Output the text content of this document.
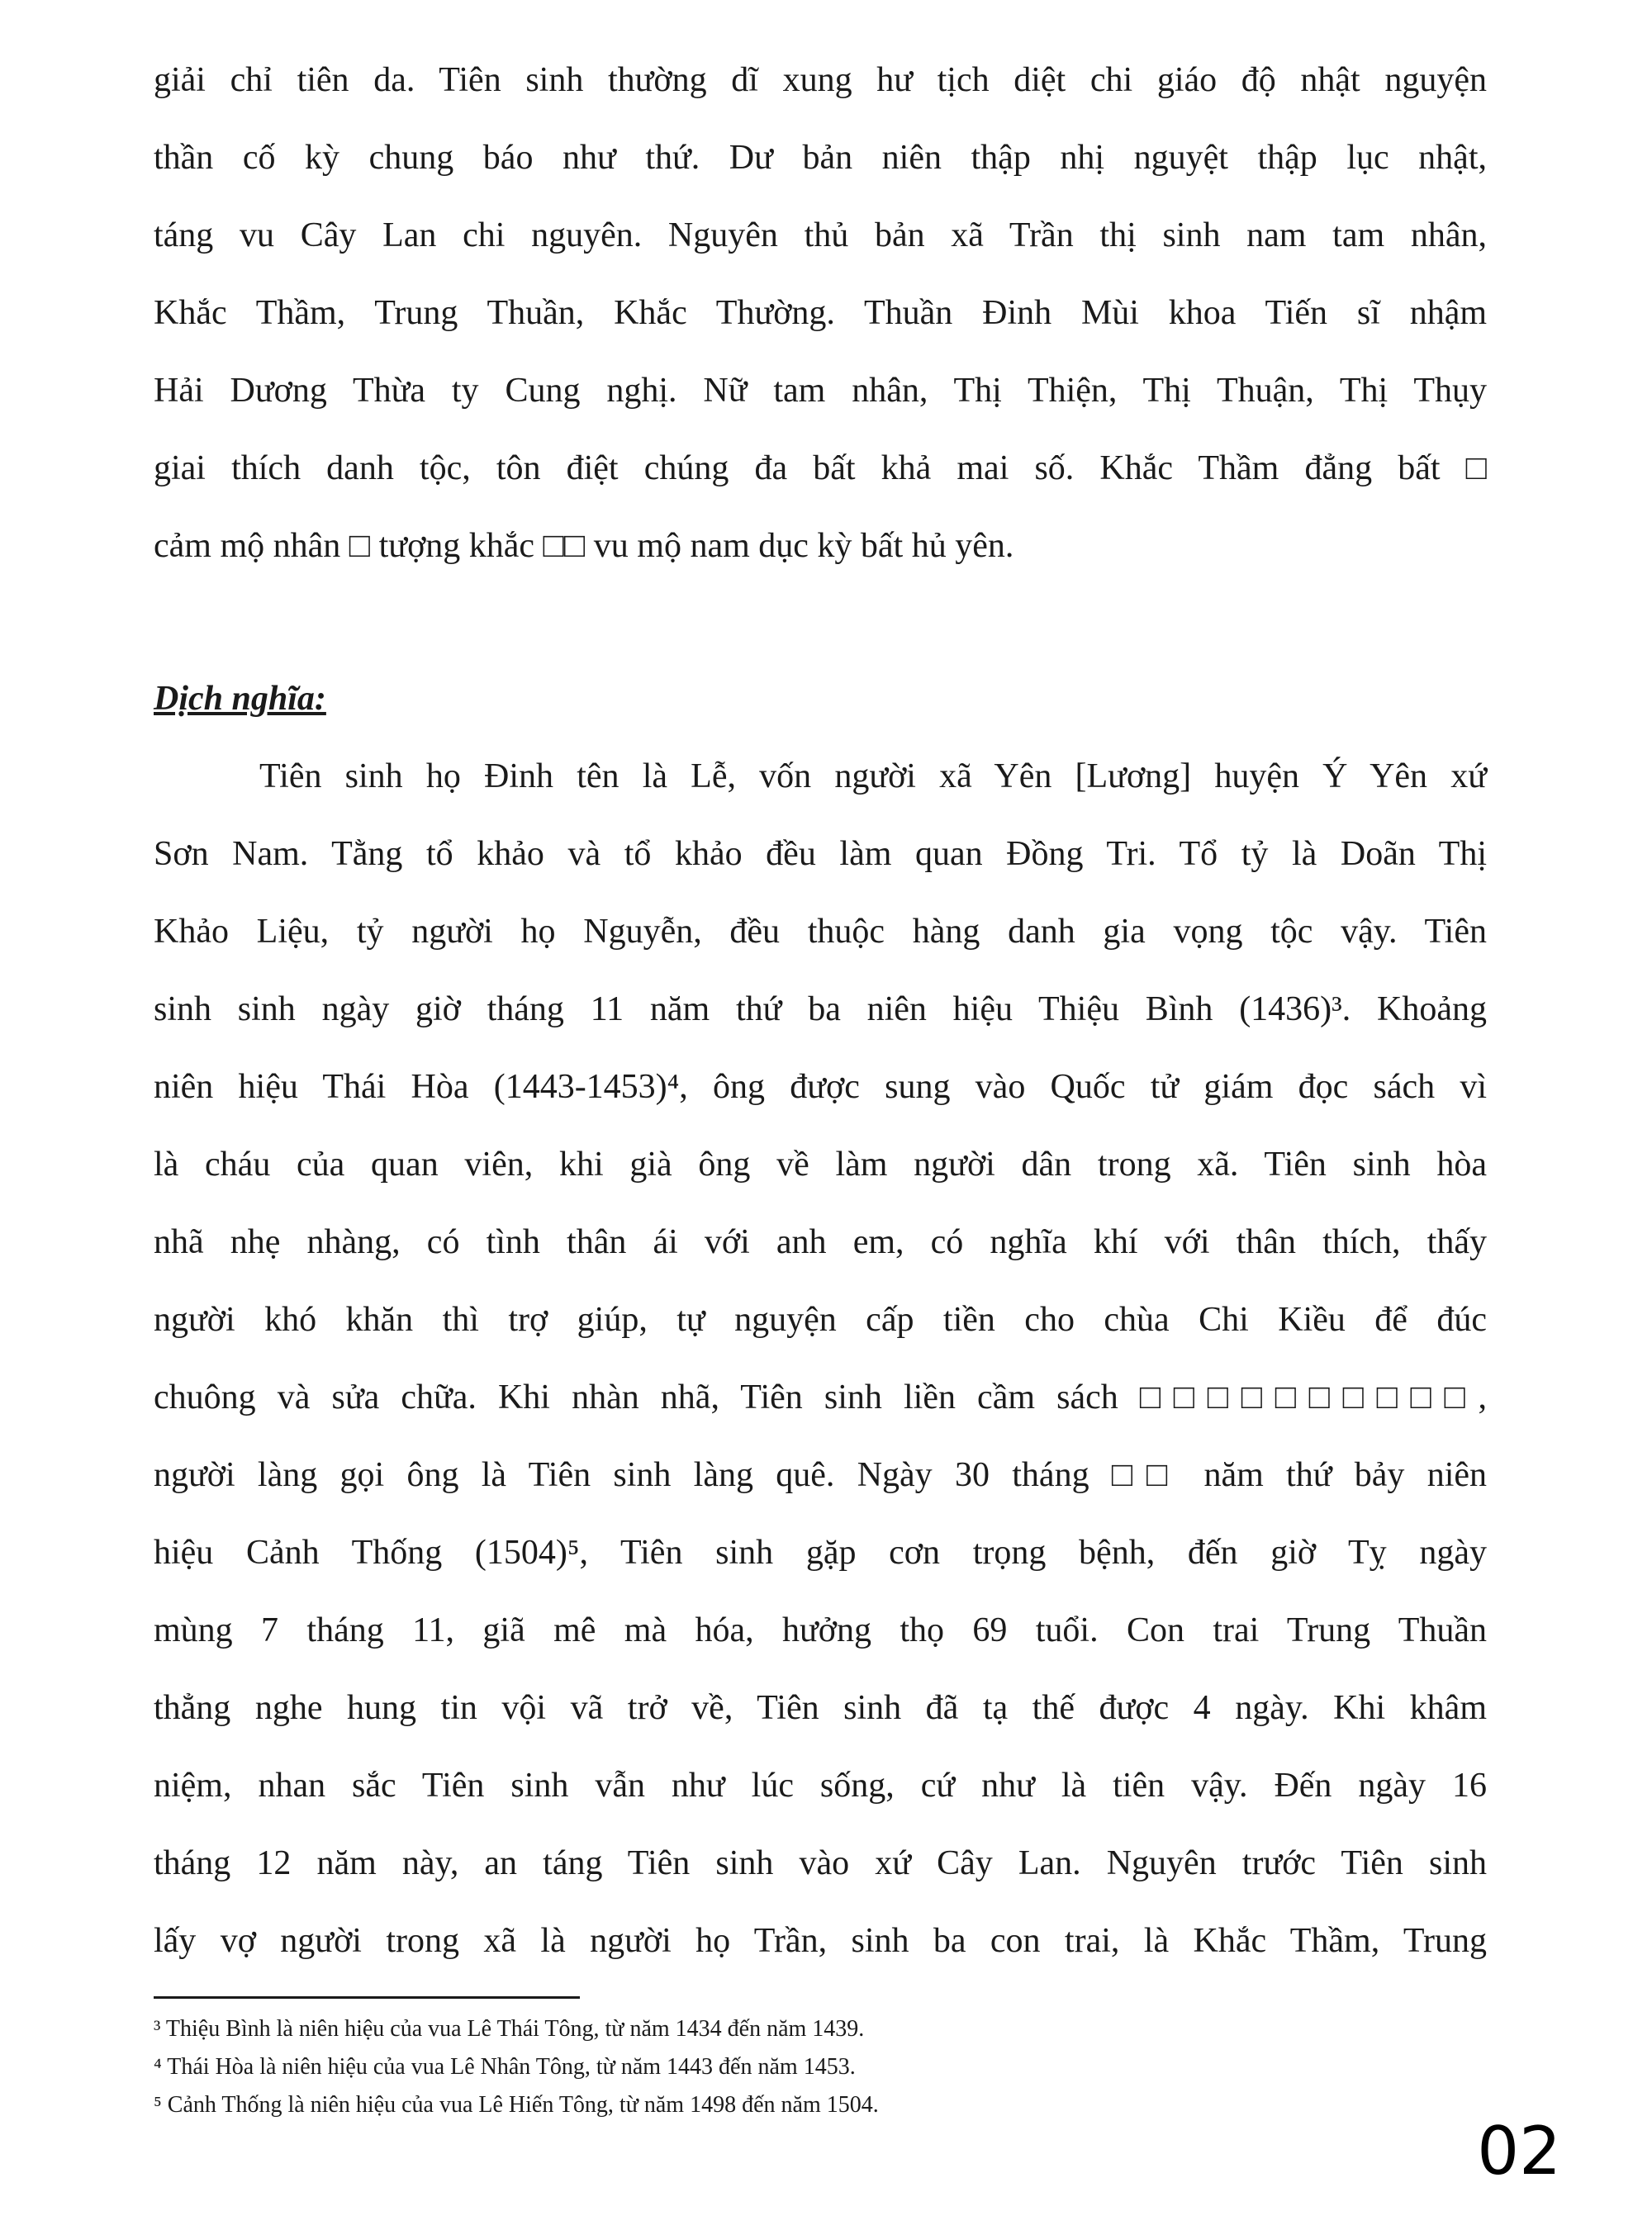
giải chỉ tiên da. Tiên sinh thường dĩ xung hư tịch diệt chi giáo độ nhật nguyện
thần cố kỳ chung báo như thứ. Dư bản niên thập nhị nguyệt thập lục nhật,
táng vu Cây Lan chi nguyên. Nguyên thủ bản xã Trần thị sinh nam tam nhân,
Khắc Thầm, Trung Thuần, Khắc Thường. Thuần Đinh Mùi khoa Tiến sĩ nhậm
Hải Dương Thừa ty Cung nghị. Nữ tam nhân, Thị Thiện, Thị Thuận, Thị Thụy
giai thích danh tộc, tôn điệt chúng đa bất khả mai số. Khắc Thầm đẳng bất □
cảm mộ nhân □ tượng khắc □□ vu mộ nam dục kỳ bất hủ yên.
Dịch nghĩa:
Tiên sinh họ Đinh tên là Lễ, vốn người xã Yên [Lương] huyện Ý Yên xứ
Sơn Nam. Tằng tổ khảo và tổ khảo đều làm quan Đồng Tri. Tổ tỷ là Doãn Thị
Khảo Liệu, tỷ người họ Nguyễn, đều thuộc hàng danh gia vọng tộc vậy. Tiên
sinh sinh ngày giờ tháng 11 năm thứ ba niên hiệu Thiệu Bình (1436)³. Khoảng
niên hiệu Thái Hòa (1443-1453)⁴, ông được sung vào Quốc tử giám đọc sách vì
là cháu của quan viên, khi già ông về làm người dân trong xã. Tiên sinh hòa
nhã nhẹ nhàng, có tình thân ái với anh em, có nghĩa khí với thân thích, thấy
người khó khăn thì trợ giúp, tự nguyện cấp tiền cho chùa Chi Kiều để đúc
chuông và sửa chữa. Khi nhàn nhã, Tiên sinh liền cầm sách □□□□□□□□□□,
người làng gọi ông là Tiên sinh làng quê. Ngày 30 tháng □□ năm thứ bảy niên
hiệu Cảnh Thống (1504)⁵, Tiên sinh gặp cơn trọng bệnh, đến giờ Tỵ ngày
mùng 7 tháng 11, giã mê mà hóa, hưởng thọ 69 tuổi. Con trai Trung Thuần
thẳng nghe hung tin vội vã trở về, Tiên sinh đã tạ thế được 4 ngày. Khi khâm
niệm, nhan sắc Tiên sinh vẫn như lúc sống, cứ như là tiên vậy. Đến ngày 16
tháng 12 năm này, an táng Tiên sinh vào xứ Cây Lan. Nguyên trước Tiên sinh
lấy vợ người trong xã là người họ Trần, sinh ba con trai, là Khắc Thầm, Trung
³ Thiệu Bình là niên hiệu của vua Lê Thái Tông, từ năm 1434 đến năm 1439.
⁴ Thái Hòa là niên hiệu của vua Lê Nhân Tông, từ năm 1443 đến năm 1453.
⁵ Cảnh Thống là niên hiệu của vua Lê Hiến Tông, từ năm 1498 đến năm 1504.
02
